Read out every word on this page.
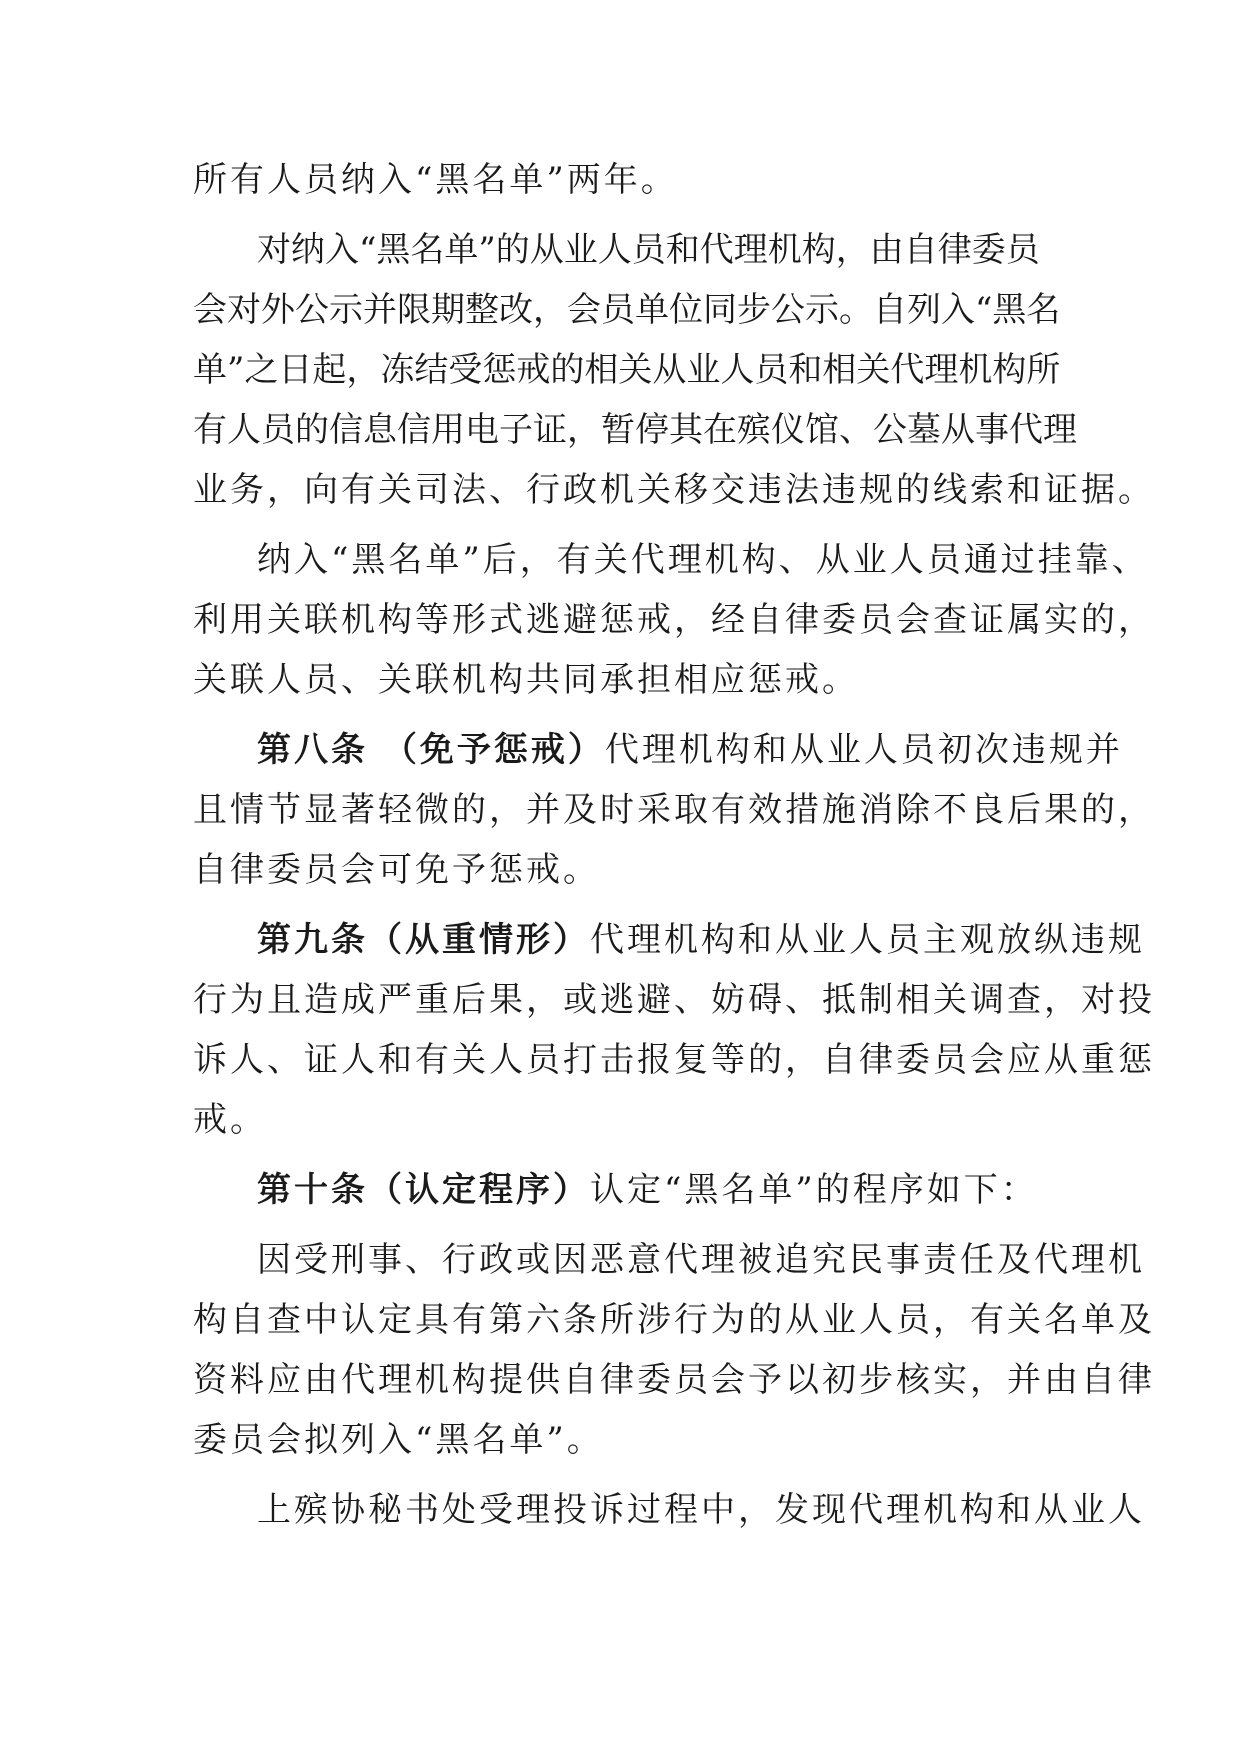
所有人员纳入“黑名单”两年。
对纳入“黑名单”的从业人员和代理机构，由自律委员
会对外公示并限期整改，会员单位同步公示。自列入“黑名
单”之日起，冻结受惩戒的相关从业人员和相关代理机构所
有人员的信息信用电子证，暂停其在殡仪馆、公墓从事代理
业务，向有关司法、行政机关移交违法违规的线索和证据。
纳入“黑名单”后，有关代理机构、从业人员通过挂靠、
利用关联机构等形式逃避惩戒，经自律委员会查证属实的，
关联人员、关联机构共同承担相应惩戒。
第八条 （免予惩戒） 代理机构和从业人员初次违规并
且情节显著轻微的，并及时采取有效措施消除不良后果的，
自律委员会可免予惩戒。
第九条（从重情形） 代理机构和从业人员主观放纵违规
行为且造成严重后果，或逃避、妨碍、抵制相关调查，对投
诉人、证人和有关人员打击报复等的，自律委员会应从重惩
戒。
第十条（认定程序） 认定“黑名单”的程序如下：
因受刑事、行政或因恶意代理被追究民事责任及代理机
构自查中认定具有第六条所涉行为的从业人员，有关名单及
资料应由代理机构提供自律委员会予以初步核实，并由自律
委员会拟列入“黑名单”。
上殡协秘书处受理投诉过程中，发现代理机构和从业人
